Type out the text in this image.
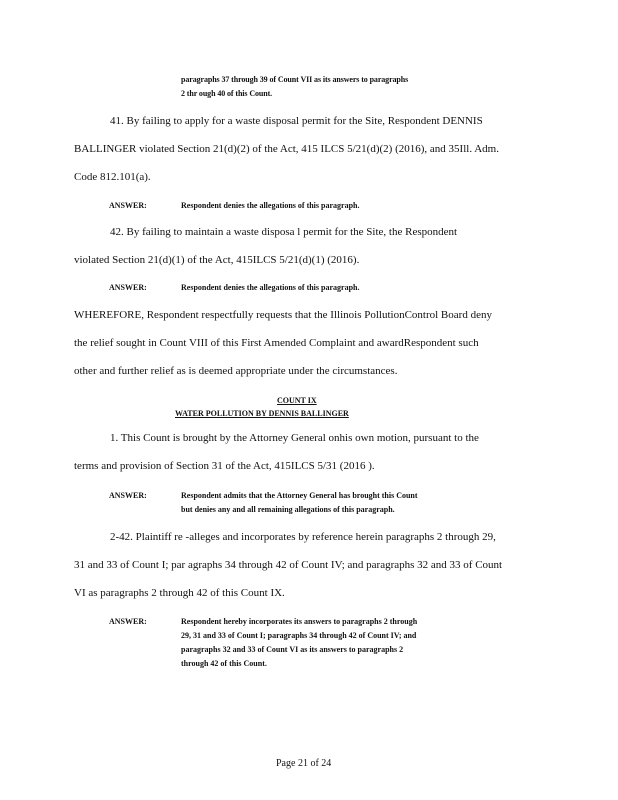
paragraphs 37 through 39 of Count VII as its answers to paragraphs
2 thr ough 40 of this Count.
41. By failing to apply for a waste disposal permit for the Site, Respondent DENNIS
BALLINGER violated Section 21(d)(2) of the Act, 415 ILCS 5/21(d)(2) (2016), and 35Ill. Adm.
Code 812.101(a).
ANSWER:	Respondent denies the allegations of this paragraph.
42. By failing to maintain a waste disposa l permit for the Site, the Respondent
violated Section 21(d)(1) of the Act, 415ILCS 5/21(d)(1) (2016).
ANSWER:	Respondent denies the allegations of this paragraph.
WHEREFORE, Respondent respectfully requests that the Illinois PollutionControl Board deny
the relief sought in Count VIII of this First Amended Complaint and awardRespondent such
other and further relief as is deemed appropriate under the circumstances.
COUNT IX
WATER POLLUTION BY DENNIS BALLINGER
1. This Count is brought by the Attorney General onhis own motion, pursuant to the
terms and provision of Section 31 of the Act, 415ILCS 5/31 (2016 ).
ANSWER:	Respondent admits that the Attorney General has brought this Count
but denies any and all remaining allegations of this paragraph.
2-42. Plaintiff re -alleges and incorporates by reference herein paragraphs 2 through 29,
31 and 33 of Count I; par agraphs 34 through 42 of Count IV; and paragraphs 32 and 33 of Count
VI as paragraphs 2 through 42 of this Count IX.
ANSWER:	Respondent hereby incorporates its answers to paragraphs 2 through
29, 31 and 33 of Count I; paragraphs 34 through 42 of Count IV; and
paragraphs 32 and 33 of Count VI as its answers to paragraphs 2
through 42 of this Count.
Page 21 of 24
